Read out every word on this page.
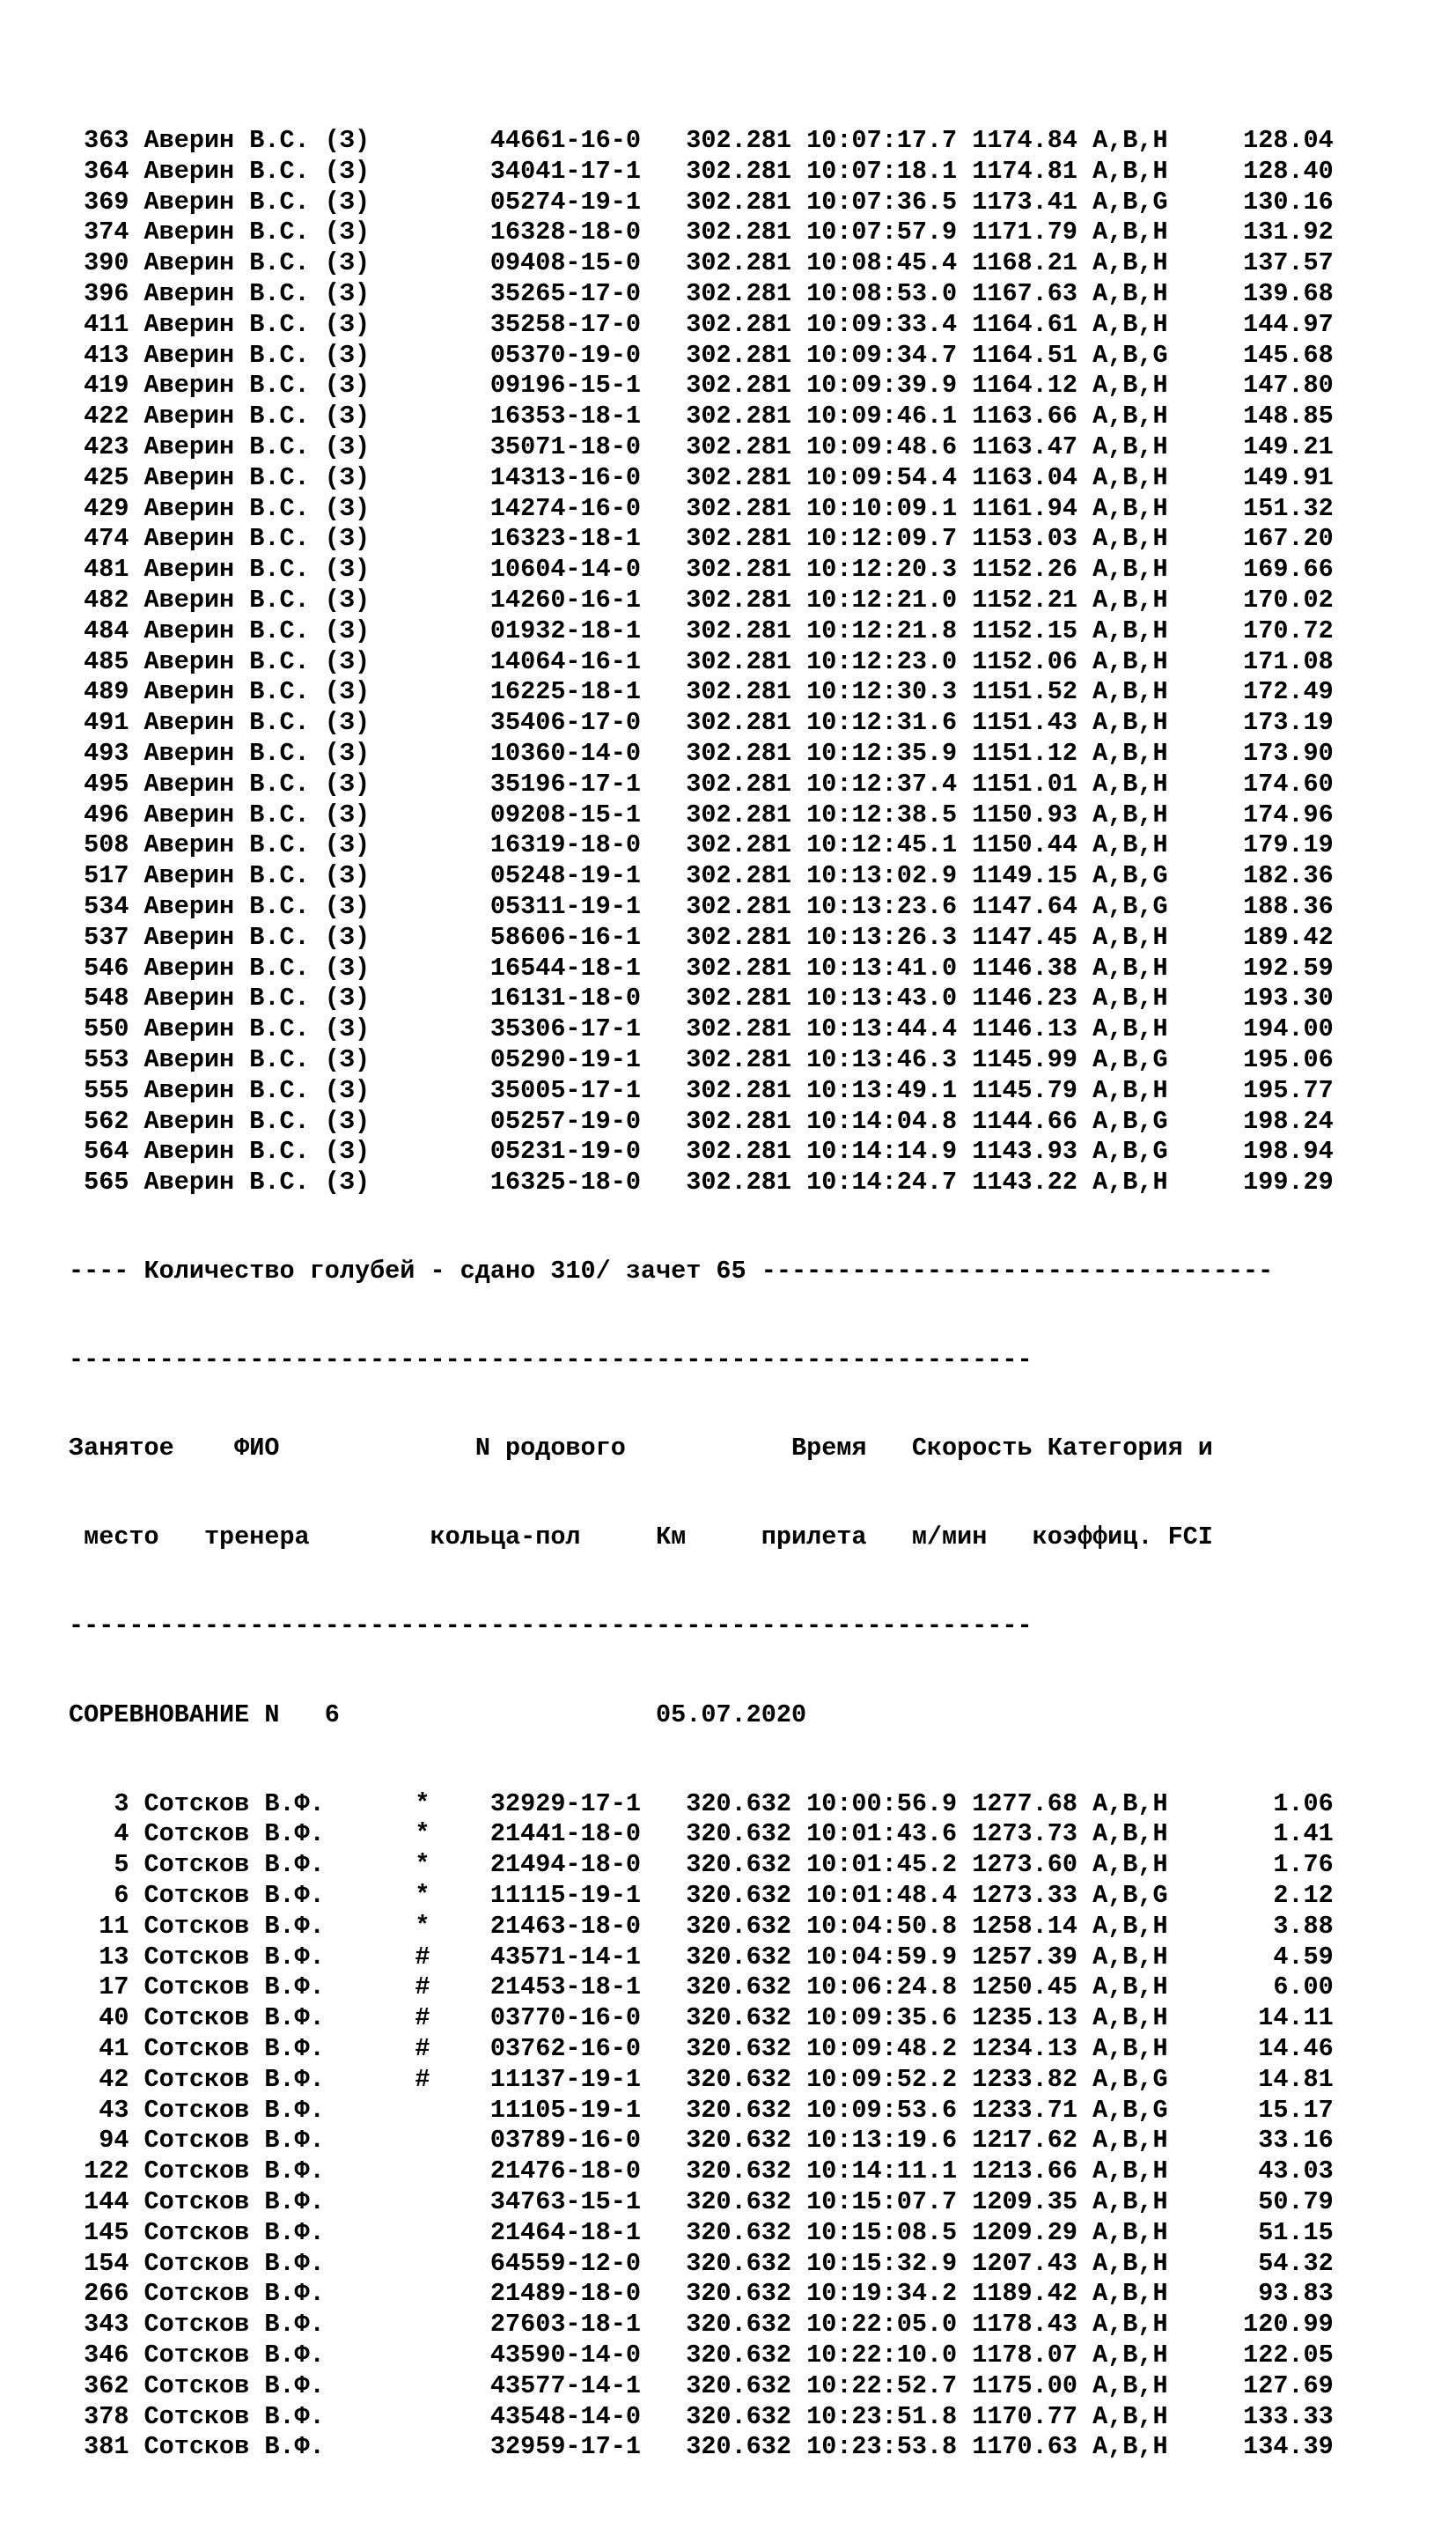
363 Аверин В.С. (З)	44661-16-0 302.281 10:07:17.7 1174.84 A,B,H	128.04
364 Аверин В.С. (З)	34041-17-1 302.281 10:07:18.1 1174.81 A,B,H	128.40
369 Аверин В.С. (З)	05274-19-1 302.281 10:07:36.5 1173.41 A,B,G	130.16
374 Аверин В.С. (З)	16328-18-0 302.281 10:07:57.9 1171.79 A,B,H	131.92
390 Аверин В.С. (З)	09408-15-0 302.281 10:08:45.4 1168.21 A,B,H	137.57
396 Аверин В.С. (З)	35265-17-0 302.281 10:08:53.0 1167.63 A,B,H	139.68
411 Аверин В.С. (З)	35258-17-0 302.281 10:09:33.4 1164.61 A,B,H	144.97
413 Аверин В.С. (З)	05370-19-0 302.281 10:09:34.7 1164.51 A,B,G	145.68
419 Аверин В.С. (З)	09196-15-1 302.281 10:09:39.9 1164.12 A,B,H	147.80
422 Аверин В.С. (З)	16353-18-1 302.281 10:09:46.1 1163.66 A,B,H	148.85
423 Аверин В.С. (З)	35071-18-0 302.281 10:09:48.6 1163.47 A,B,H	149.21
425 Аверин В.С. (З)	14313-16-0 302.281 10:09:54.4 1163.04 A,B,H	149.91
429 Аверин В.С. (З)	14274-16-0 302.281 10:10:09.1 1161.94 A,B,H	151.32
474 Аверин В.С. (З)	16323-18-1 302.281 10:12:09.7 1153.03 A,B,H	167.20
481 Аверин В.С. (З)	10604-14-0 302.281 10:12:20.3 1152.26 A,B,H	169.66
482 Аверин В.С. (З)	14260-16-1 302.281 10:12:21.0 1152.21 A,B,H	170.02
484 Аверин В.С. (З)	01932-18-1 302.281 10:12:21.8 1152.15 A,B,H	170.72
485 Аверин В.С. (З)	14064-16-1 302.281 10:12:23.0 1152.06 A,B,H	171.08
489 Аверин В.С. (З)	16225-18-1 302.281 10:12:30.3 1151.52 A,B,H	172.49
491 Аверин В.С. (З)	35406-17-0 302.281 10:12:31.6 1151.43 A,B,H	173.19
493 Аверин В.С. (З)	10360-14-0 302.281 10:12:35.9 1151.12 A,B,H	173.90
495 Аверин В.С. (З)	35196-17-1 302.281 10:12:37.4 1151.01 A,B,H	174.60
496 Аверин В.С. (З)	09208-15-1 302.281 10:12:38.5 1150.93 A,B,H	174.96
508 Аверин В.С. (З)	16319-18-0 302.281 10:12:45.1 1150.44 A,B,H	179.19
517 Аверин В.С. (З)	05248-19-1 302.281 10:13:02.9 1149.15 A,B,G	182.36
534 Аверин В.С. (З)	05311-19-1 302.281 10:13:23.6 1147.64 A,B,G	188.36
537 Аверин В.С. (З)	58606-16-1 302.281 10:13:26.3 1147.45 A,B,H	189.42
546 Аверин В.С. (З)	16544-18-1 302.281 10:13:41.0 1146.38 A,B,H	192.59
548 Аверин В.С. (З)	16131-18-0 302.281 10:13:43.0 1146.23 A,B,H	193.30
550 Аверин В.С. (З)	35306-17-1 302.281 10:13:44.4 1146.13 A,B,H	194.00
553 Аверин В.С. (З)	05290-19-1 302.281 10:13:46.3 1145.99 A,B,G	195.06
555 Аверин В.С. (З)	35005-17-1 302.281 10:13:49.1 1145.79 A,B,H	195.77
562 Аверин В.С. (З)	05257-19-0 302.281 10:14:04.8 1144.66 A,B,G	198.24
564 Аверин В.С. (З)	05231-19-0 302.281 10:14:14.9 1143.93 A,B,G	198.94
565 Аверин В.С. (З)	16325-18-0 302.281 10:14:24.7 1143.22 A,B,H	199.29

---- Количество голубей - сдано 310/ зачет 65 ----------------------------------

----------------------------------------------------------------

Занятое ФИО	N родового	Время Скорость Категория и

место тренера	кольца-пол	Км	прилета м/мин коэффиц. FCI

----------------------------------------------------------------

СОРЕВНОВАНИЕ N 6	05.07.2020

3 Сотсков В.Ф.      * 32929-17-1 320.632 10:00:56.9 1277.68 A,B,H	1.06
4 Сотсков В.Ф.      * 21441-18-0 320.632 10:01:43.6 1273.73 A,B,H	1.41
5 Сотсков В.Ф.      * 21494-18-0 320.632 10:01:45.2 1273.60 A,B,H	1.76
6 Сотсков В.Ф.      * 11115-19-1 320.632 10:01:48.4 1273.33 A,B,G	2.12
11 Сотсков В.Ф.      * 21463-18-0 320.632 10:04:50.8 1258.14 A,B,H	3.88
13 Сотсков В.Ф.      # 43571-14-1 320.632 10:04:59.9 1257.39 A,B,H	4.59
17 Сотсков В.Ф.      # 21453-18-1 320.632 10:06:24.8 1250.45 A,B,H	6.00
40 Сотсков В.Ф.      # 03770-16-0 320.632 10:09:35.6 1235.13 A,B,H	14.11
41 Сотсков В.Ф.      # 03762-16-0 320.632 10:09:48.2 1234.13 A,B,H	14.46
42 Сотсков В.Ф.      # 11137-19-1 320.632 10:09:52.2 1233.82 A,B,G	14.81
43 Сотсков В.Ф.	11105-19-1 320.632 10:09:53.6 1233.71 A,B,G	15.17
94 Сотсков В.Ф.	03789-16-0 320.632 10:13:19.6 1217.62 A,B,H	33.16
122 Сотсков В.Ф.	21476-18-0 320.632 10:14:11.1 1213.66 A,B,H	43.03
144 Сотсков В.Ф.	34763-15-1 320.632 10:15:07.7 1209.35 A,B,H	50.79
145 Сотсков В.Ф.	21464-18-1 320.632 10:15:08.5 1209.29 A,B,H	51.15
154 Сотсков В.Ф.	64559-12-0 320.632 10:15:32.9 1207.43 A,B,H	54.32
266 Сотсков В.Ф.	21489-18-0 320.632 10:19:34.2 1189.42 A,B,H	93.83
343 Сотсков В.Ф.	27603-18-1 320.632 10:22:05.0 1178.43 A,B,H	120.99
346 Сотсков В.Ф.	43590-14-0 320.632 10:22:10.0 1178.07 A,B,H	122.05
362 Сотсков В.Ф.	43577-14-1 320.632 10:22:52.7 1175.00 A,B,H	127.69
378 Сотсков В.Ф.	43548-14-0 320.632 10:23:51.8 1170.77 A,B,H	133.33
381 Сотсков В.Ф.	32959-17-1 320.632 10:23:53.8 1170.63 A,B,H	134.39
